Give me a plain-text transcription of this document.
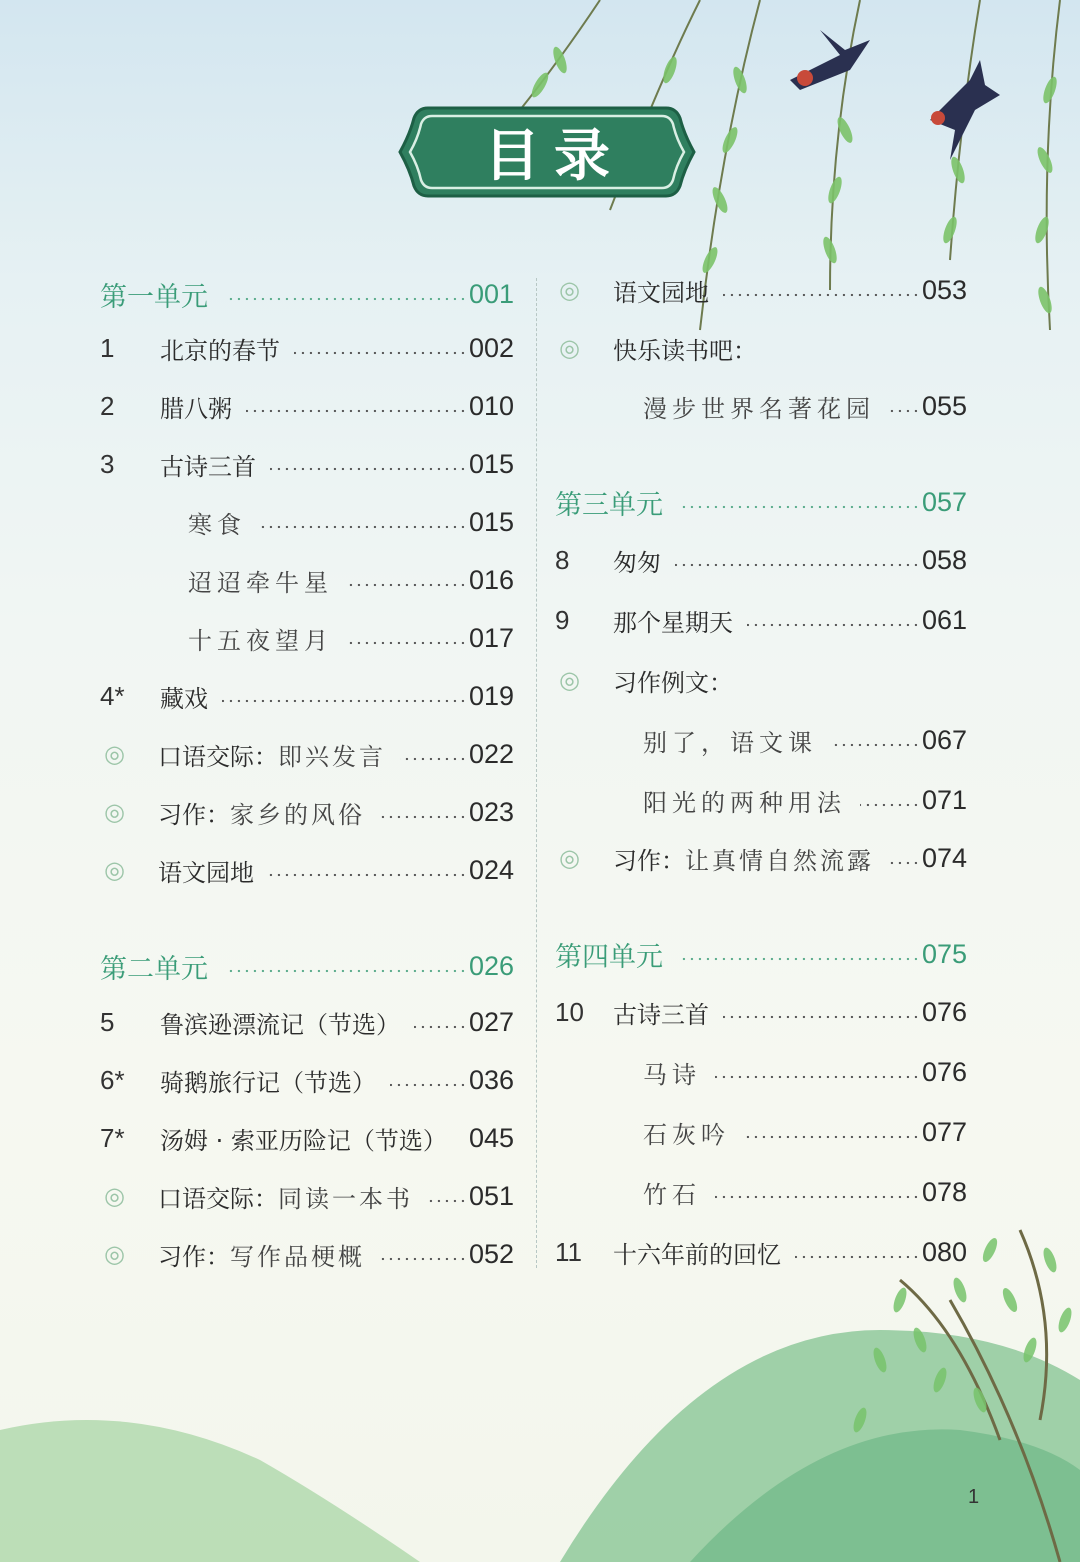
目录
第一单元	001
1	北京的春节	002
2	腊八粥	010
3	古诗三首	015
寒食	015
迢迢牵牛星	016
十五夜望月	017
4*	藏戏	019
◎	口语交际：即兴发言	022
◎	习作：家乡的风俗	023
◎	语文园地	024
第二单元	026
5	鲁滨逊漂流记（节选）	027
6*	骑鹅旅行记（节选）	036
7*	汤姆 · 索亚历险记（节选） 045
◎	口语交际：同读一本书 051
◎	习作：写作品梗概	052
◎	语文园地	053
◎	快乐读书吧：
漫步世界名著花园 055
第三单元	057
8	匆匆	058
9	那个星期天	061
◎	习作例文：
别了，语文课	067
阳光的两种用法	071
◎	习作：让真情自然流露 074
第四单元	075
10	古诗三首	076
马诗	076
石灰吟	077
竹石	078
11	十六年前的回忆	080
1
